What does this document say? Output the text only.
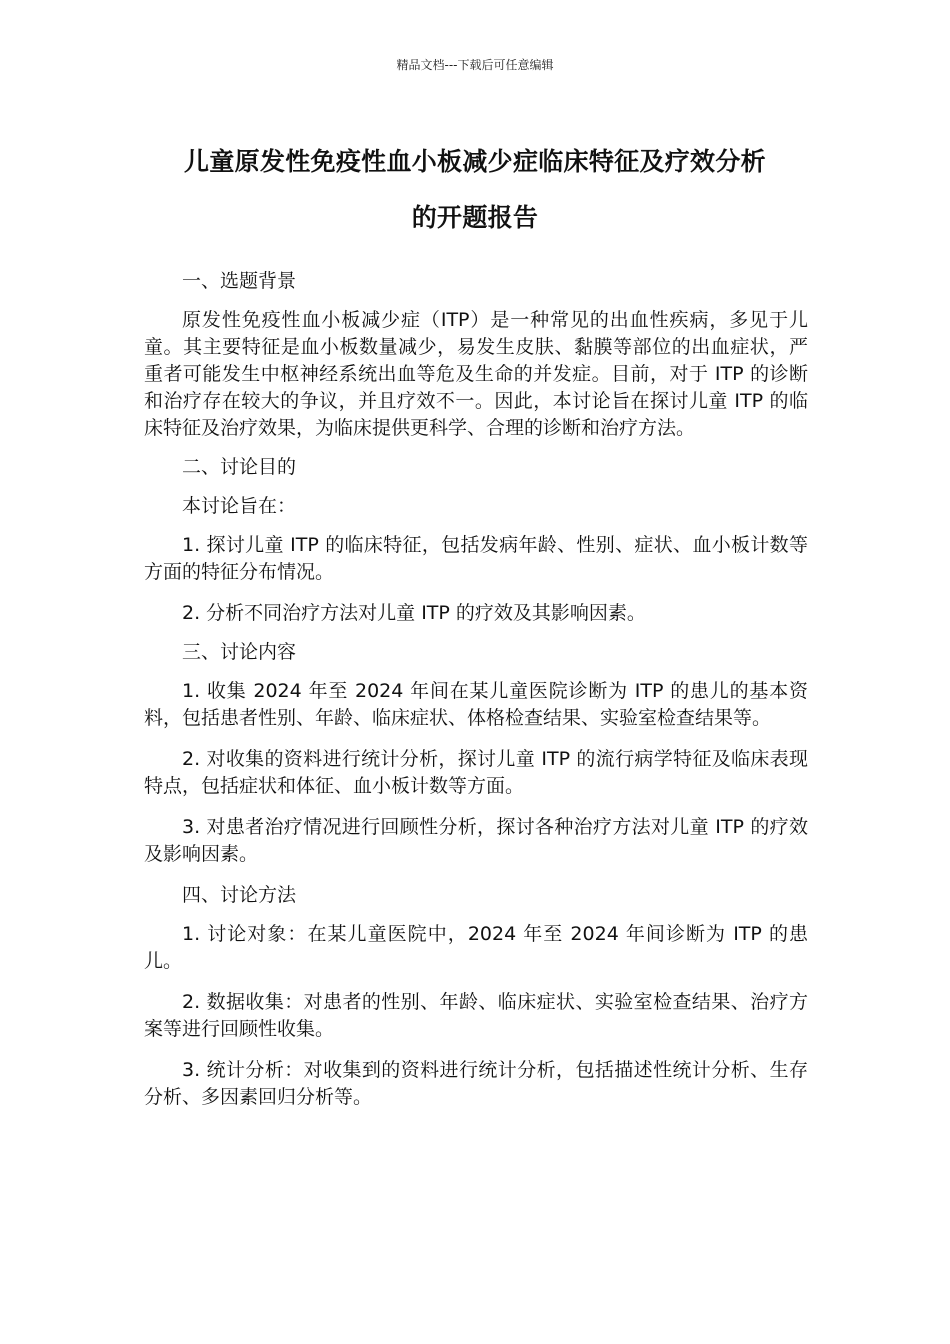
精品文档---下载后可任意编辑
儿童原发性免疫性血小板减少症临床特征及疗效分析
的开题报告

一、选题背景

原发性免疫性血小板减少症（ITP）是一种常见的出血性疾病，多见于儿童。其主要特征是血小板数量减少，易发生皮肤、黏膜等部位的出血症状，严重者可能发生中枢神经系统出血等危及生命的并发症。目前，对于 ITP 的诊断和治疗存在较大的争议，并且疗效不一。因此，本讨论旨在探讨儿童 ITP 的临床特征及治疗效果，为临床提供更科学、合理的诊断和治疗方法。

二、讨论目的

本讨论旨在：

1. 探讨儿童 ITP 的临床特征，包括发病年龄、性别、症状、血小板计数等方面的特征分布情况。

2. 分析不同治疗方法对儿童 ITP 的疗效及其影响因素。

三、讨论内容

1. 收集 2024 年至 2024 年间在某儿童医院诊断为 ITP 的患儿的基本资料，包括患者性别、年龄、临床症状、体格检查结果、实验室检查结果等。

2. 对收集的资料进行统计分析，探讨儿童 ITP 的流行病学特征及临床表现特点，包括症状和体征、血小板计数等方面。

3. 对患者治疗情况进行回顾性分析，探讨各种治疗方法对儿童 ITP 的疗效及影响因素。

四、讨论方法

1. 讨论对象：在某儿童医院中，2024 年至 2024 年间诊断为 ITP 的患儿。

2. 数据收集：对患者的性别、年龄、临床症状、实验室检查结果、治疗方案等进行回顾性收集。

3. 统计分析：对收集到的资料进行统计分析，包括描述性统计分析、生存分析、多因素回归分析等。
